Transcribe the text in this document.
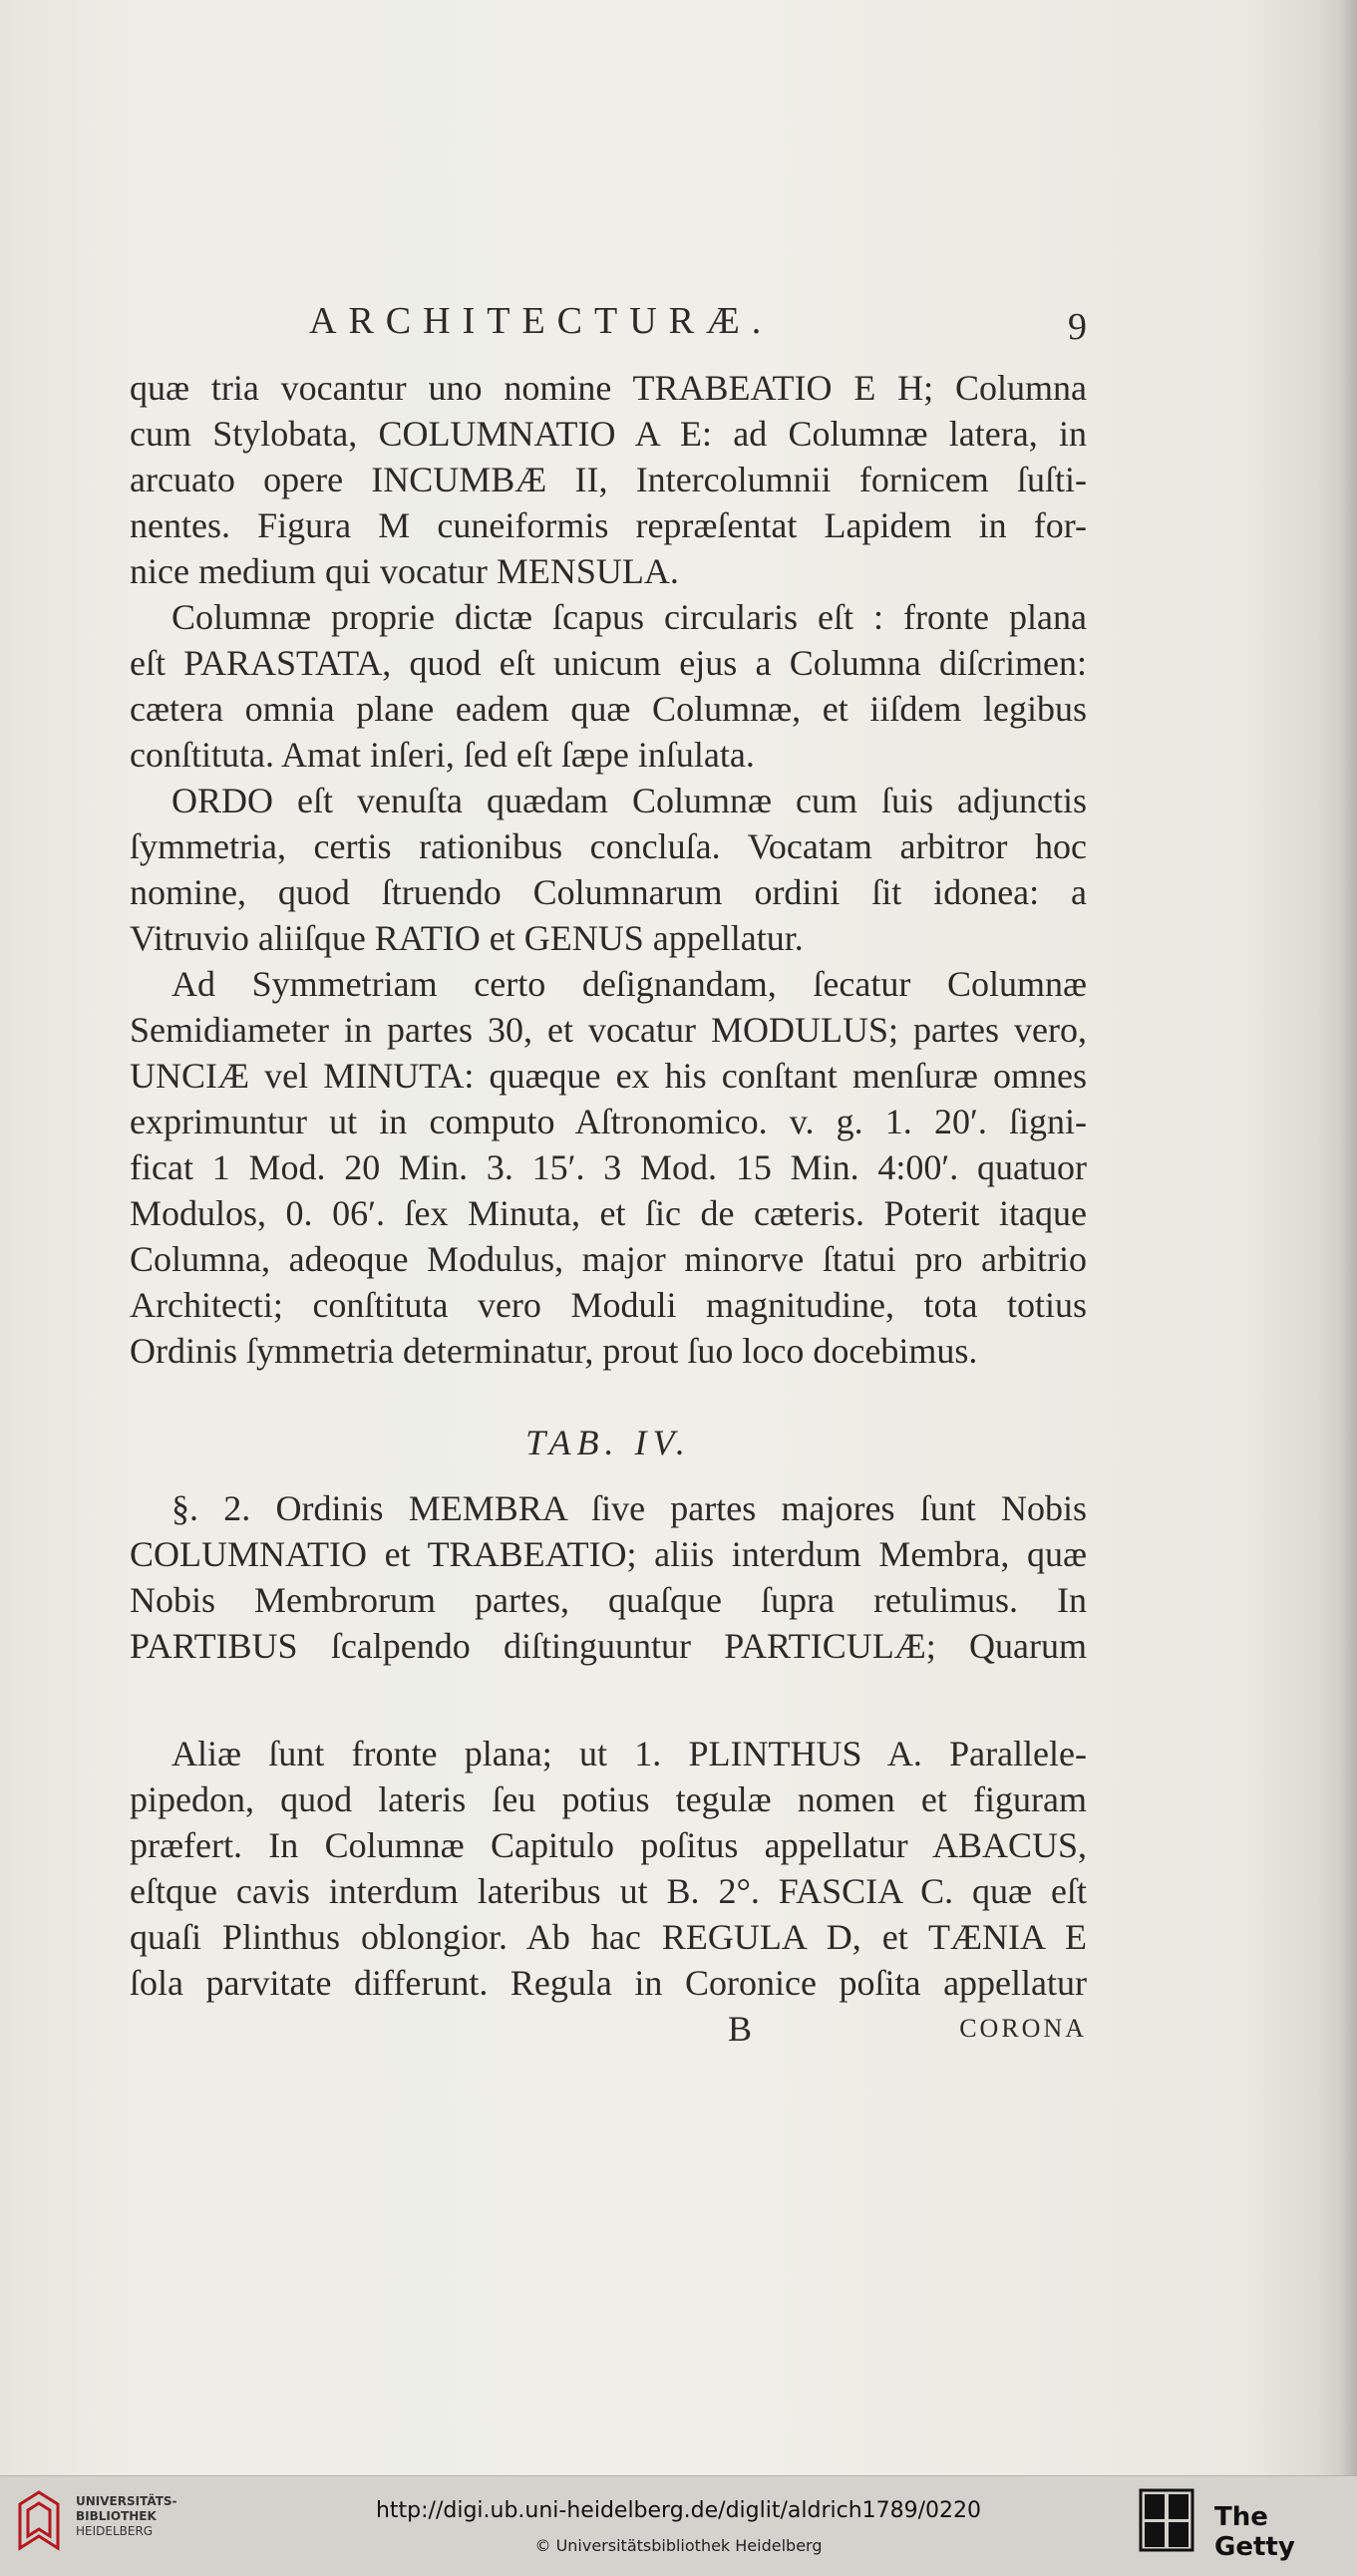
ARCHITECTURÆ.	9

quæ tria vocantur uno nomine TRABEATIO E H; Columna
cum Stylobata, COLUMNATIO A E: ad Columnæ latera, in
arcuato opere INCUMBÆ II, Intercolumnii fornicem ſuſti-
nentes. Figura M cuneiformis repræſentat Lapidem in for-
nice medium qui vocatur MENSULA.

Columnæ proprie dictæ ſcapus circularis eſt : fronte plana
eſt PARASTATA, quod eſt unicum ejus a Columna diſcrimen:
cætera omnia plane eadem quæ Columnæ, et iiſdem legibus
conſtituta. Amat inſeri, ſed eſt ſæpe inſulata.

ORDO eſt venuſta quædam Columnæ cum ſuis adjunctis
ſymmetria, certis rationibus concluſa. Vocatam arbitror hoc
nomine, quod ſtruendo Columnarum ordini ſit idonea: a
Vitruvio aliiſque RATIO et GENUS appellatur.

Ad Symmetriam certo deſignandam, ſecatur Columnæ
Semidiameter in partes 30, et vocatur MODULUS; partes vero,
UNCIÆ vel MINUTA: quæque ex his conſtant menſuræ omnes
exprimuntur ut in computo Aſtronomico. v. g. 1. 20′. ſigni-
ficat 1 Mod. 20 Min. 3. 15′. 3 Mod. 15 Min. 4:00′. quatuor
Modulos, 0. 06′. ſex Minuta, et ſic de cæteris. Poterit itaque
Columna, adeoque Modulus, major minorve ſtatui pro arbitrio
Architecti; conſtituta vero Moduli magnitudine, tota totius
Ordinis ſymmetria determinatur, prout ſuo loco docebimus.

TAB. IV.

§. 2. Ordinis MEMBRA ſive partes majores ſunt Nobis
COLUMNATIO et TRABEATIO; aliis interdum Membra, quæ
Nobis Membrorum partes, quaſque ſupra retulimus. In
PARTIBUS ſcalpendo diſtinguuntur PARTICULÆ; Quarum

Aliæ ſunt fronte plana; ut 1. PLINTHUS A. Parallele-
pipedon, quod lateris ſeu potius tegulæ nomen et figuram
præfert. In Columnæ Capitulo poſitus appellatur ABACUS,
eſtque cavis interdum lateribus ut B. 2°. FASCIA C. quæ eſt
quaſi Plinthus oblongior. Ab hac REGULA D, et TÆNIA E
ſola parvitate differunt. Regula in Coronice poſita appellatur

B	CORONA
UNIVERSITÄTS-
BIBLIOTHEK
HEIDELBERG
http://digi.ub.uni-heidelberg.de/diglit/aldrich1789/0220
© Universitätsbibliothek Heidelberg
The Getty
